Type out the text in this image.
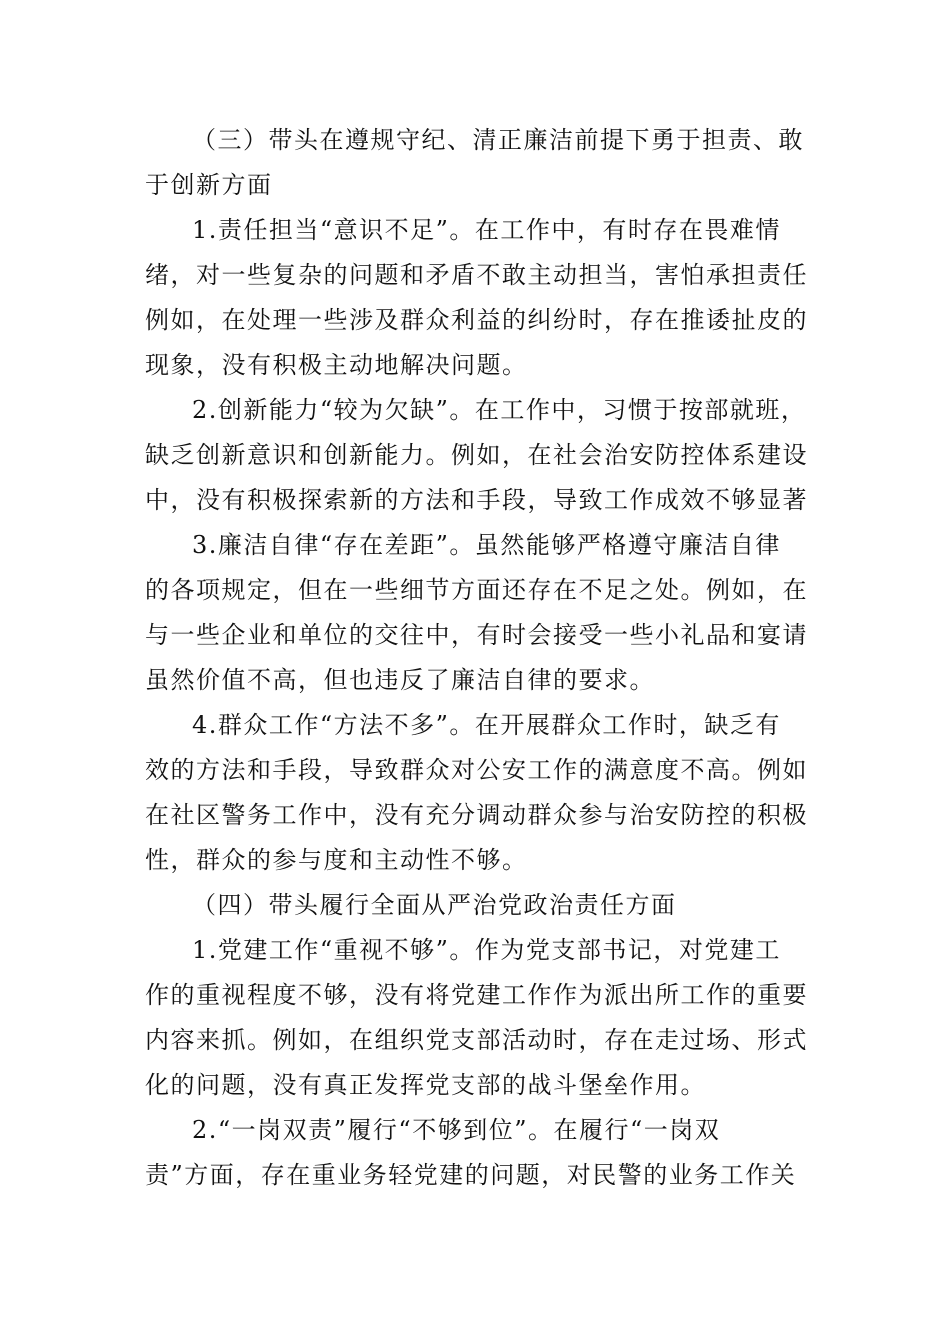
（三）带头在遵规守纪、清正廉洁前提下勇于担责、敢
于创新方面
1.责任担当“意识不足”。在工作中，有时存在畏难情
绪，对一些复杂的问题和矛盾不敢主动担当，害怕承担责任
例如，在处理一些涉及群众利益的纠纷时，存在推诿扯皮的
现象，没有积极主动地解决问题。
2.创新能力“较为欠缺”。在工作中，习惯于按部就班，
缺乏创新意识和创新能力。例如，在社会治安防控体系建设
中，没有积极探索新的方法和手段，导致工作成效不够显著
3.廉洁自律“存在差距”。虽然能够严格遵守廉洁自律
的各项规定，但在一些细节方面还存在不足之处。例如，在
与一些企业和单位的交往中，有时会接受一些小礼品和宴请
虽然价值不高，但也违反了廉洁自律的要求。
4.群众工作“方法不多”。在开展群众工作时，缺乏有
效的方法和手段，导致群众对公安工作的满意度不高。例如
在社区警务工作中，没有充分调动群众参与治安防控的积极
性，群众的参与度和主动性不够。
（四）带头履行全面从严治党政治责任方面
1.党建工作“重视不够”。作为党支部书记，对党建工
作的重视程度不够，没有将党建工作作为派出所工作的重要
内容来抓。例如，在组织党支部活动时，存在走过场、形式
化的问题，没有真正发挥党支部的战斗堡垒作用。
2.“一岗双责”履行“不够到位”。在履行“一岗双
责”方面，存在重业务轻党建的问题，对民警的业务工作关
